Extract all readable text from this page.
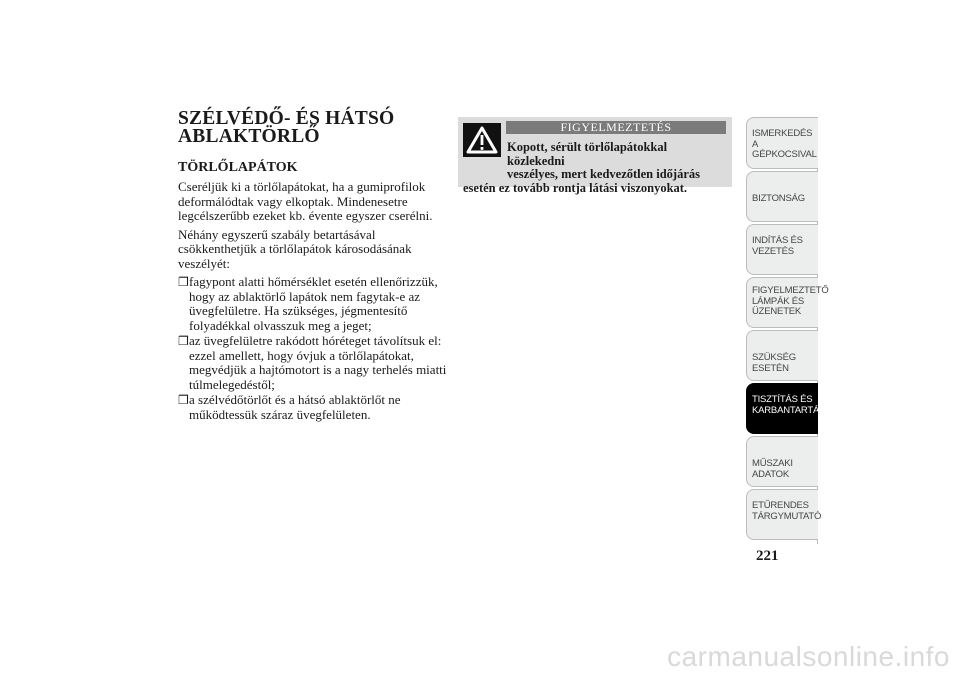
SZÉLVÉDŐ- ÉS HÁTSÓ
ABLAKTÖRLŐ
TÖRLŐLAPÁTOK

Cseréljük ki a törlőlapátokat, ha a gumiprofilok deformálódtak vagy elkoptak. Mindenesetre legcélszerűbb ezeket kb. évente egyszer cserélni.

Néhány egyszerű szabály betartásával csökkenthetjük a törlőlapátok károsodásának veszélyét:

❒ fagypont alatti hőmérséklet esetén ellenőrizzük, hogy az ablaktörlő lapátok nem fagytak-e az üvegfelületre. Ha szükséges, jégmentesítő folyadékkal olvasszuk meg a jeget;
❒ az üvegfelületre rakódott hóréteget távolítsuk el: ezzel amellett, hogy óvjuk a törlőlapátokat, megvédjük a hajtómotort is a nagy terhelés miatti túlmelegedéstől;
❒ a szélvédőtörlőt és a hátsó ablaktörlőt ne működtessük száraz üvegfelületen.
FIGYELMEZTETÉS
Kopott, sérült törlőlapátokkal közlekedni
veszélyes, mert kedvezőtlen időjárás
esetén ez tovább rontja látási viszonyokat.
ISMERKEDÉS A
GÉPKOCSIVAL
BIZTONSÁG
INDÍTÁS ÉS
VEZETÉS
FIGYELMEZTETŐ
LÁMPÁK ÉS
ÜZENETEK
SZÜKSÉG ESETÉN
TISZTÍTÁS ÉS
KARBANTARTÁS
MŰSZAKI ADATOK
ETŰRENDES
TÁRGYMUTATÓ
221
carmanualsonline.info
